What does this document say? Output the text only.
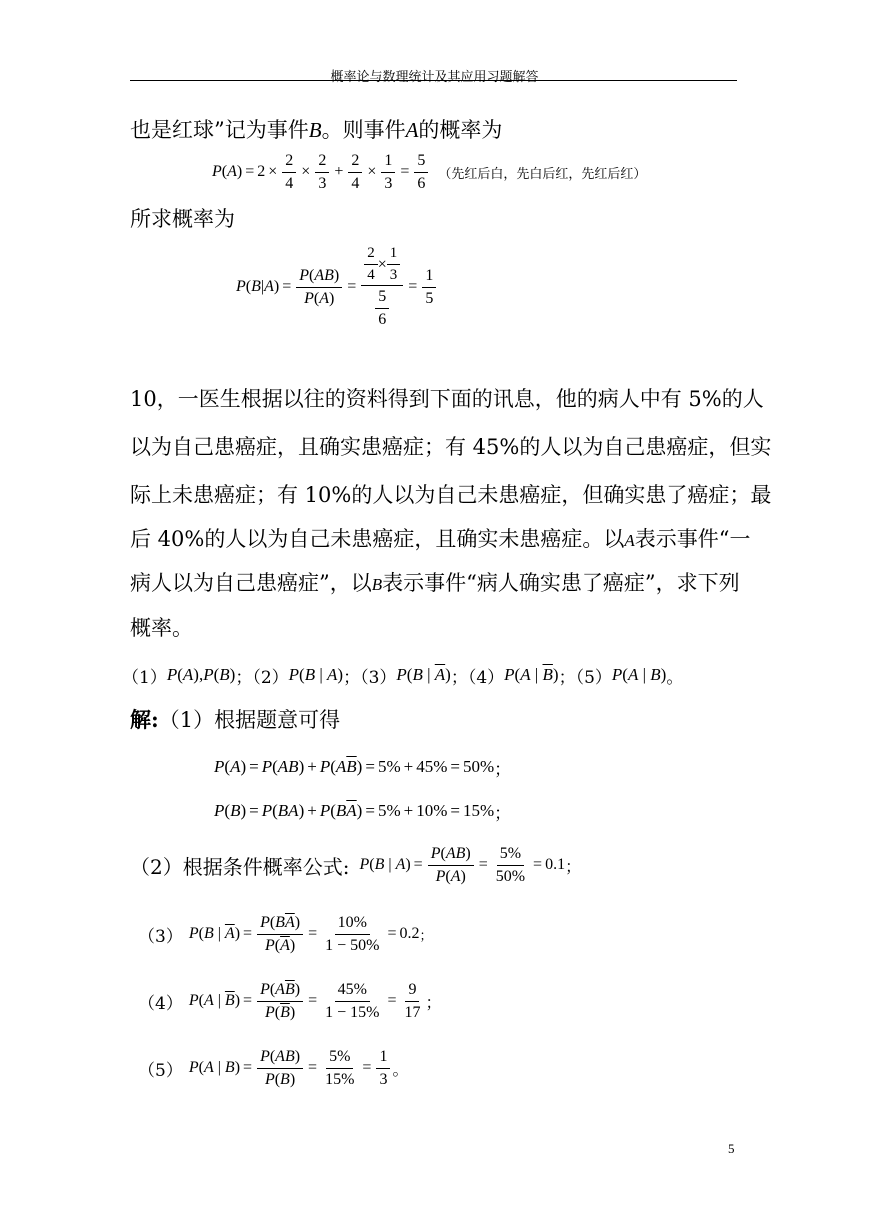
概率论与数理统计及其应用习题解答
也是红球”记为事件B。则事件A的概率为
P ( A ) = $2 \times \frac{2}{4} \times \frac{2}{3} + \frac{2}{4} \times \frac{1}{3} = \frac{5}{6}$ （先红后白，先白后红，先红后红）
所求概率为
P ( B | A ) = $\frac{P(AB)}{P(A)} = \frac{\frac{2}{4} \times \frac{1}{3}}{\frac{5}{6}} = \frac{1}{5}$
10，一医生根据以往的资料得到下面的讯息，他的病人中有 5%的人
以为自己患癌症，且确实患癌症；有 45%的人以为自己患癌症，但实
际上未患癌症；有 10%的人以为自己未患癌症，但确实患了癌症；最
后 40%的人以为自己未患癌症，且确实未患癌症。以A表示事件“一
病人以为自己患癌症”，以B表示事件“病人确实患了癌症”，求下列
概率。
（1） P ( A ), P ( B ) ；（2） P ( B | A ) ；（3） P ( B | $\overline{A}$ ) ；（4） P ( A | $\overline{B}$ ) ；（5） P ( A | B ) 。
解:（1）根据题意可得
P ( A ) = P ( AB ) + P ( A $\overline{B}$ ) = 5% + 45% = 50% ；
P ( B ) = P ( BA ) + P ( B $\overline{A}$ ) = 5% + 10% = 15% ；
（2）根据条件概率公式: P ( B | A ) = $\frac{P(AB)}{P(A)} = \frac{5\%}{50\%} = 0.1$ ；
（3） P ( B | $\overline{A}$ ) = $\frac{P(B\overline{A})}{P(\overline{A})} = \frac{10\%}{1 - 50\%} = 0.2$ ；
（4） P ( A | $\overline{B}$ ) = $\frac{P(A\overline{B})}{P(\overline{B})} = \frac{45\%}{1 - 15\%} = \frac{9}{17}$ ；
（5） P ( A | B ) = $\frac{P(AB)}{P(B)} = \frac{5\%}{15\%} = \frac{1}{3}$ 。
5
